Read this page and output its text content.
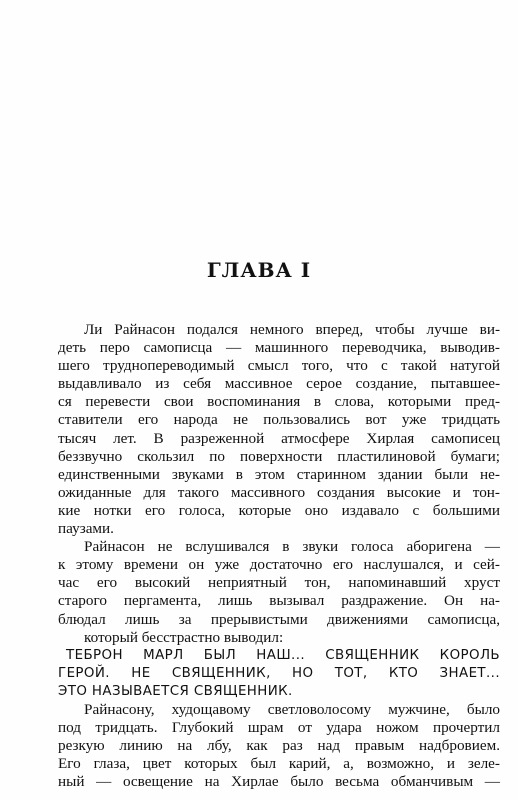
ГЛАВА I
Ли Райнасон подался немного вперед, чтобы лучше ви-
деть перо самописца — машинного переводчика, выводив-
шего труднопереводимый смысл того, что с такой натугой
выдавливало из себя массивное серое создание, пытавшее-
ся перевести свои воспоминания в слова, которыми пред-
ставители его народа не пользовались вот уже тридцать
тысяч лет. В разреженной атмосфере Хирлая самописец
беззвучно скользил по поверхности пластилиновой бумаги;
единственными звуками в этом старинном здании были не-
ожиданные для такого массивного создания высокие и тон-
кие нотки его голоса, которые оно издавало с большими
паузами.
Райнасон не вслушивался в звуки голоса аборигена —
к этому времени он уже достаточно его наслушался, и сей-
час его высокий неприятный тон, напоминавший хруст
старого пергамента, лишь вызывал раздражение. Он на-
блюдал лишь за прерывистыми движениями самописца,
который бесстрастно выводил:
ТЕБРОН МАРЛ БЫЛ НАШ... СВЯЩЕННИК КОРОЛЬ
ГЕРОЙ. НЕ СВЯЩЕННИК, НО ТОТ, КТО ЗНАЕТ...
ЭТО НАЗЫВАЕТСЯ СВЯЩЕННИК.
Райнасону, худощавому светловолосому мужчине, было
под тридцать. Глубокий шрам от удара ножом прочертил
резкую линию на лбу, как раз над правым надбровием.
Его глаза, цвет которых был карий, а, возможно, и зеле-
ный — освещение на Хирлае было весьма обманчивым —
